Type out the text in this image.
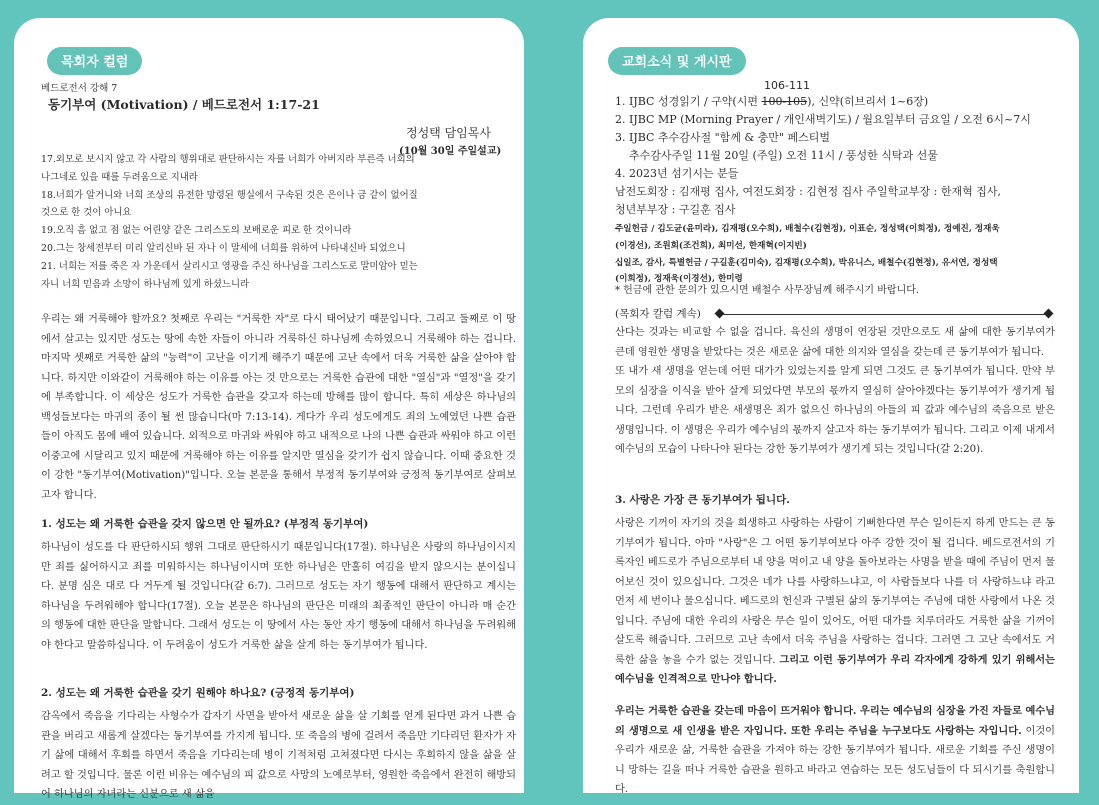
목회자 컬럼
베드로전서 강해 7
동기부여 (Motivation) / 베드로전서 1:17-21
정성택 담임목사
(10월 30일 주일설교)
17.외모로 보시지 않고 각 사람의 행위대로 판단하시는 자를 너희가 아버지라 부른즉 너희의
나그네로 있을 때를 두려움으로 지내라
18.너희가 알거니와 너희 조상의 유전한 망령된 행실에서 구속된 것은 은이나 금 같이 없어질
것으로 한 것이 아니요
19.오직 흠 없고 점 없는 어린양 같은 그리스도의 보배로운 피로 한 것이니라
20.그는 창세전부터 미리 알리신바 된 자나 이 말세에 너희를 위하여 나타내신바 되었으니
21. 너희는 저를 죽은 자 가운데서 살리시고 영광을 주신 하나님을 그리스도로 말미암아 믿는
자니 너희 믿음과 소망이 하나님께 있게 하셨느니라

우리는 왜 거룩해야 할까요? 첫째로 우리는 "거룩한 자"로 다시 태어났기 때문입니다. 그리고 둘째로 이 땅에서 살고는 있지만 성도는 땅에 속한 자들이 아니라 거룩하신 하나님께 속하였으니 거룩해야 하는 겁니다. 마지막 셋째로 거룩한 삶의 "능력"이 고난을 이기게 해주기 때문에 고난 속에서 더욱 거룩한 삶을 살아야 합니다. 하지만 이와같이 거룩해야 하는 이유를 아는 것 만으로는 거룩한 습관에 대한 "열심"과 "열정"을 갖기에 부족합니다. 이 세상은 성도가 거룩한 습관을 갖고자 하는데 방해를 많이 합니다. 특히 세상은 하나님의 백성들보다는 마귀의 종이 될 썬 많습니다(마 7:13-14). 게다가 우리 성도에게도 죄의 노예였던 나쁜 습관들이 아직도 몸에 배여 있습니다. 외적으로 마귀와 싸워야 하고 내적으로 나의 나쁜 습관과 싸워야 하고 이런 이중고에 시달리고 있지 때문에 거룩해야 하는 이유를 알지만 열심을 갖기가 쉽지 않습니다. 이때 중요한 것이 강한 "동기부여(Motivation)"입니다. 오늘 본문을 통해서 부정적 동기부여와 긍정적 동기부여로 살펴보고자 합니다.

1. 성도는 왜 거룩한 습관을 갖지 않으면 안 될까요? (부정적 동기부여)

하나님이 성도를 다 판단하시되 행위 그대로 판단하시기 때문입니다(17절). 하나님은 사랑의 하나님이시지만 죄를 싫어하시고 죄를 미워하시는 하나님이시며 또한 하나님은 만홀히 여김을 받지 않으시는 분이십니다. 분명 심은 대로 다 거두게 될 것입니다(갈 6:7). 그러므로 성도는 자기 행동에 대해서 판단하고 계시는 하나님을 두려워해야 합니다(17절). 오늘 본문은 하나님의 판단은 미래의 최종적인 판단이 아니라 매 순간의 행동에 대한 판단을 말합니다. 그래서 성도는 이 땅에서 사는 동안 자기 행동에 대해서 하나님을 두려워해야 한다고 말씀하십니다. 이 두려움이 성도가 거룩한 삶을 살게 하는 동기부여가 됩니다.

2. 성도는 왜 거룩한 습관을 갖기 원해야 하나요? (긍정적 동기부여)

감옥에서 죽음을 기다리는 사형수가 갑자기 사면을 받아서 새로운 삶을 살 기회를 얻게 된다면 과거 나쁜 습관을 버리고 새롭게 살겠다는 동기부여를 가지게 됩니다. 또 죽음의 병에 걸려서 죽음만 기다리던 환자가 자기 삶에 대해서 후회를 하면서 죽음을 기다리는데 병이 기적처럼 고쳐졌다면 다시는 후회하지 않을 삶을 살려고 할 것입니다. 물론 이런 비유는 예수님의 피 값으로 사망의 노예로부터, 영원한 죽음에서 완전히 해방되어 하나님의 자녀라는 신분으로 새 삶을

교회소식 및 게시판
106-111
1. IJBC 성경읽기 / 구약(시편 100-105), 신약(히브리서 1~6장)
2. IJBC MP (Morning Prayer / 개인새벽기도) / 월요일부터 금요일 / 오전 6시~7시
3. IJBC 추수감사절 "함께 & 충만" 페스티벌
추수감사주일 11월 20일 (주일) 오전 11시 / 풍성한 식탁과 선물
4. 2023년 섬기시는 분들
남전도회장 : 김재평 집사, 여전도회장 : 김현정 집사 주일학교부장 : 한재혁 집사,
청년부부장 : 구길훈 집사
주일헌금 / 김도균(윤미라), 김재평(오수희), 배철수(김현정), 이표순, 정성택(이희정), 정예진, 정재욱
(이경선), 조원회(조건희), 최미선, 한재혁(이지빈)
십일조, 감사, 특별헌금 / 구길훈(김미숙), 김재평(오수희), 박유니스, 배철수(김현정), 유서연, 정성택
(이희정), 정재욱(이경선), 한미령
* 헌금에 관한 문의가 있으시면 배철수 사무장님께 해주시기 바랍니다.
(목회자 칼럼 계속)

산다는 것과는 비교할 수 없을 겁니다. 육신의 생명이 연장된 것만으로도 새 삶에 대한 동기부여가 큰데 영원한 생명을 받았다는 것은 새로운 삶에 대한 의지와 열심을 갖는데 큰 동기부여가 됩니다.
또 내가 새 생명을 얻는데 어떤 대가가 있었는지를 알게 되면 그것도 큰 동기부여가 됩니다. 만약 부모의 심장을 이식을 받아 살게 되었다면 부모의 몫까지 열심히 살아야겠다는 동기부여가 생기게 됩니다. 그런데 우리가 받은 새생명은 죄가 없으신 하나님의 아들의 피 값과 예수님의 죽음으로 받은 생명입니다. 이 생명은 우리가 예수님의 몫까지 살고자 하는 동기부여가 됩니다. 그리고 이제 내게서 예수님의 모습이 나타나야 된다는 강한 동기부여가 생기게 되는 것입니다(갈 2:20).

3. 사랑은 가장 큰 동기부여가 됩니다.

사랑은 기꺼이 자기의 것을 희생하고 사랑하는 사람이 기뻐한다면 무슨 일이든지 하게 만드는 큰 동기부여가 됩니다. 아마 "사랑"은 그 어떤 동기부여보다 아주 강한 것이 될 겁니다. 베드로전서의 기록자인 베드로가 주님으로부터 내 양을 먹이고 내 양을 돌아보라는 사명을 받을 때에 주님이 먼저 물어보신 것이 있으십니다. 그것은 네가 나를 사랑하느냐고, 이 사람들보다 나를 더 사랑하느냐 라고 먼저 세 번이나 물으십니다. 베드로의 헌신과 구별된 삶의 동기부여는 주님에 대한 사랑에서 나온 것입니다. 주님에 대한 우리의 사랑은 무슨 일이 있어도, 어떤 대가를 치루더라도 거룩한 삶을 기꺼이 살도록 해줍니다. 그러므로 고난 속에서 더욱 주님을 사랑하는 겁니다. 그러면 그 고난 속에서도 거룩한 삶을 놓을 수가 없는 것입니다. 그리고 이런 동기부여가 우리 각자에게 강하게 있기 위해서는 예수님을 인격적으로 만나야 합니다.

우리는 거룩한 습관을 갖는데 마음이 뜨거워야 합니다. 우리는 예수님의 심장을 가진 자들로 예수님의 생명으로 새 인생을 받은 자입니다. 또한 우리는 주님을 누구보다도 사랑하는 자입니다. 이것이 우리가 새로운 삶, 거룩한 습관을 가져야 하는 강한 동기부여가 됩니다. 새로운 기회를 주신 생명이니 망하는 길을 떠나 거룩한 습관을 원하고 바라고 연습하는 모든 성도님들이 다 되시기를 축원합니다.
